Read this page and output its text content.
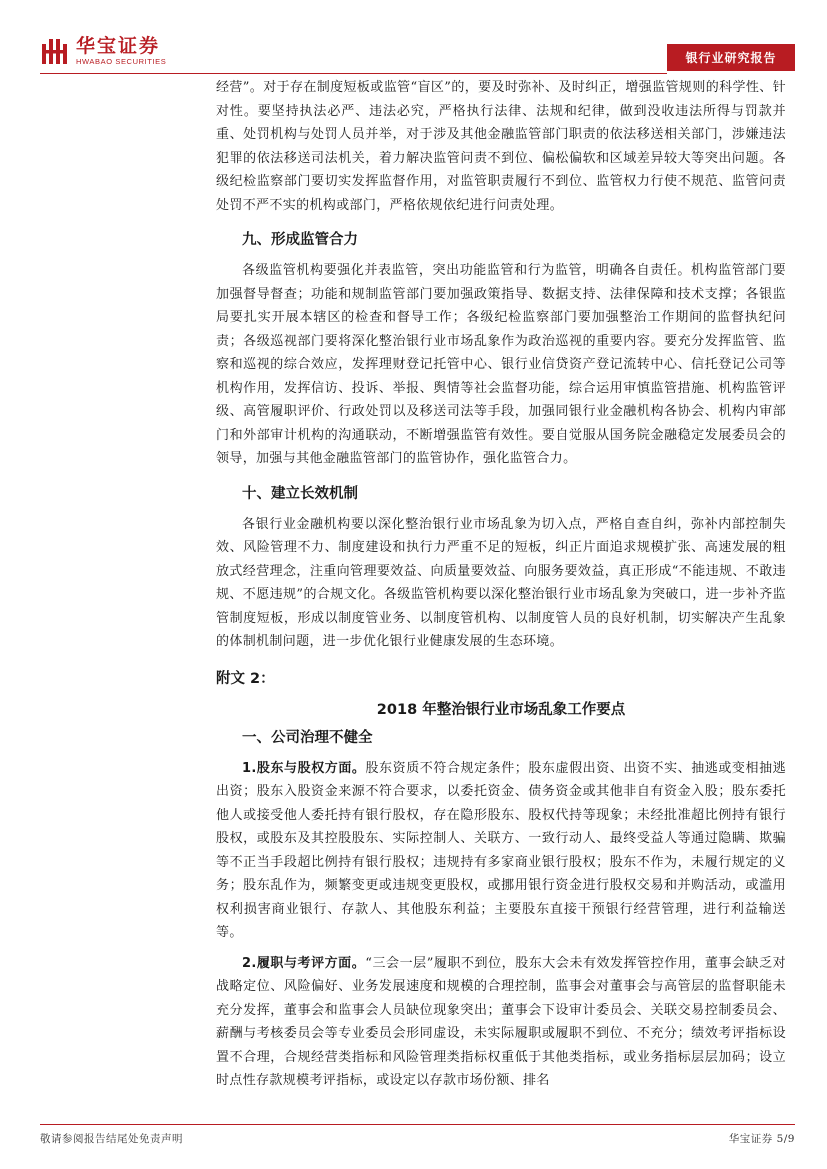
华宝证券
HWABAO SECURITIES	银行业研究报告

经营”。对于存在制度短板或监管“盲区”的，要及时弥补、及时纠正，增强监管规则的科学性、针对性。要坚持执法必严、违法必究，严格执行法律、法规和纪律，做到没收违法所得与罚款并重、处罚机构与处罚人员并举，对于涉及其他金融监管部门职责的依法移送相关部门，涉嫌违法犯罪的依法移送司法机关，着力解决监管问责不到位、偏松偏软和区域差异较大等突出问题。各级纪检监察部门要切实发挥监督作用，对监管职责履行不到位、监管权力行使不规范、监管问责处罚不严不实的机构或部门，严格依规依纪进行问责处理。

九、形成监管合力

各级监管机构要强化并表监管，突出功能监管和行为监管，明确各自责任。机构监管部门要加强督导督查；功能和规制监管部门要加强政策指导、数据支持、法律保障和技术支撑；各银监局要扎实开展本辖区的检查和督导工作；各级纪检监察部门要加强整治工作期间的监督执纪问责；各级巡视部门要将深化整治银行业市场乱象作为政治巡视的重要内容。要充分发挥监管、监察和巡视的综合效应，发挥理财登记托管中心、银行业信贷资产登记流转中心、信托登记公司等机构作用，发挥信访、投诉、举报、舆情等社会监督功能，综合运用审慎监管措施、机构监管评级、高管履职评价、行政处罚以及移送司法等手段，加强同银行业金融机构各协会、机构内审部门和外部审计机构的沟通联动，不断增强监管有效性。要自觉服从国务院金融稳定发展委员会的领导，加强与其他金融监管部门的监管协作，强化监管合力。

十、建立长效机制

各银行业金融机构要以深化整治银行业市场乱象为切入点，严格自查自纠，弥补内部控制失效、风险管理不力、制度建设和执行力严重不足的短板，纠正片面追求规模扩张、高速发展的粗放式经营理念，注重向管理要效益、向质量要效益、向服务要效益，真正形成“不能违规、不敢违规、不愿违规”的合规文化。各级监管机构要以深化整治银行业市场乱象为突破口，进一步补齐监管制度短板，形成以制度管业务、以制度管机构、以制度管人员的良好机制，切实解决产生乱象的体制机制问题，进一步优化银行业健康发展的生态环境。

附文 2：

2018 年整治银行业市场乱象工作要点

一、公司治理不健全

1.股东与股权方面。股东资质不符合规定条件；股东虚假出资、出资不实、抽逃或变相抽逃出资；股东入股资金来源不符合要求，以委托资金、债务资金或其他非自有资金入股；股东委托他人或接受他人委托持有银行股权，存在隐形股东、股权代持等现象；未经批准超比例持有银行股权，或股东及其控股股东、实际控制人、关联方、一致行动人、最终受益人等通过隐瞒、欺骗等不正当手段超比例持有银行股权；违规持有多家商业银行股权；股东不作为，未履行规定的义务；股东乱作为，频繁变更或违规变更股权，或挪用银行资金进行股权交易和并购活动，或滥用权利损害商业银行、存款人、其他股东利益；主要股东直接干预银行经营管理，进行利益输送等。

2.履职与考评方面。“三会一层”履职不到位，股东大会未有效发挥管控作用，董事会缺乏对战略定位、风险偏好、业务发展速度和规模的合理控制，监事会对董事会与高管层的监督职能未充分发挥，董事会和监事会人员缺位现象突出；董事会下设审计委员会、关联交易控制委员会、薪酬与考核委员会等专业委员会形同虚设，未实际履职或履职不到位、不充分；绩效考评指标设置不合理，合规经营类指标和风险管理类指标权重低于其他类指标，或业务指标层层加码；设立时点性存款规模考评指标，或设定以存款市场份额、排名

敬请参阅报告结尾处免责声明	华宝证券 5/9
